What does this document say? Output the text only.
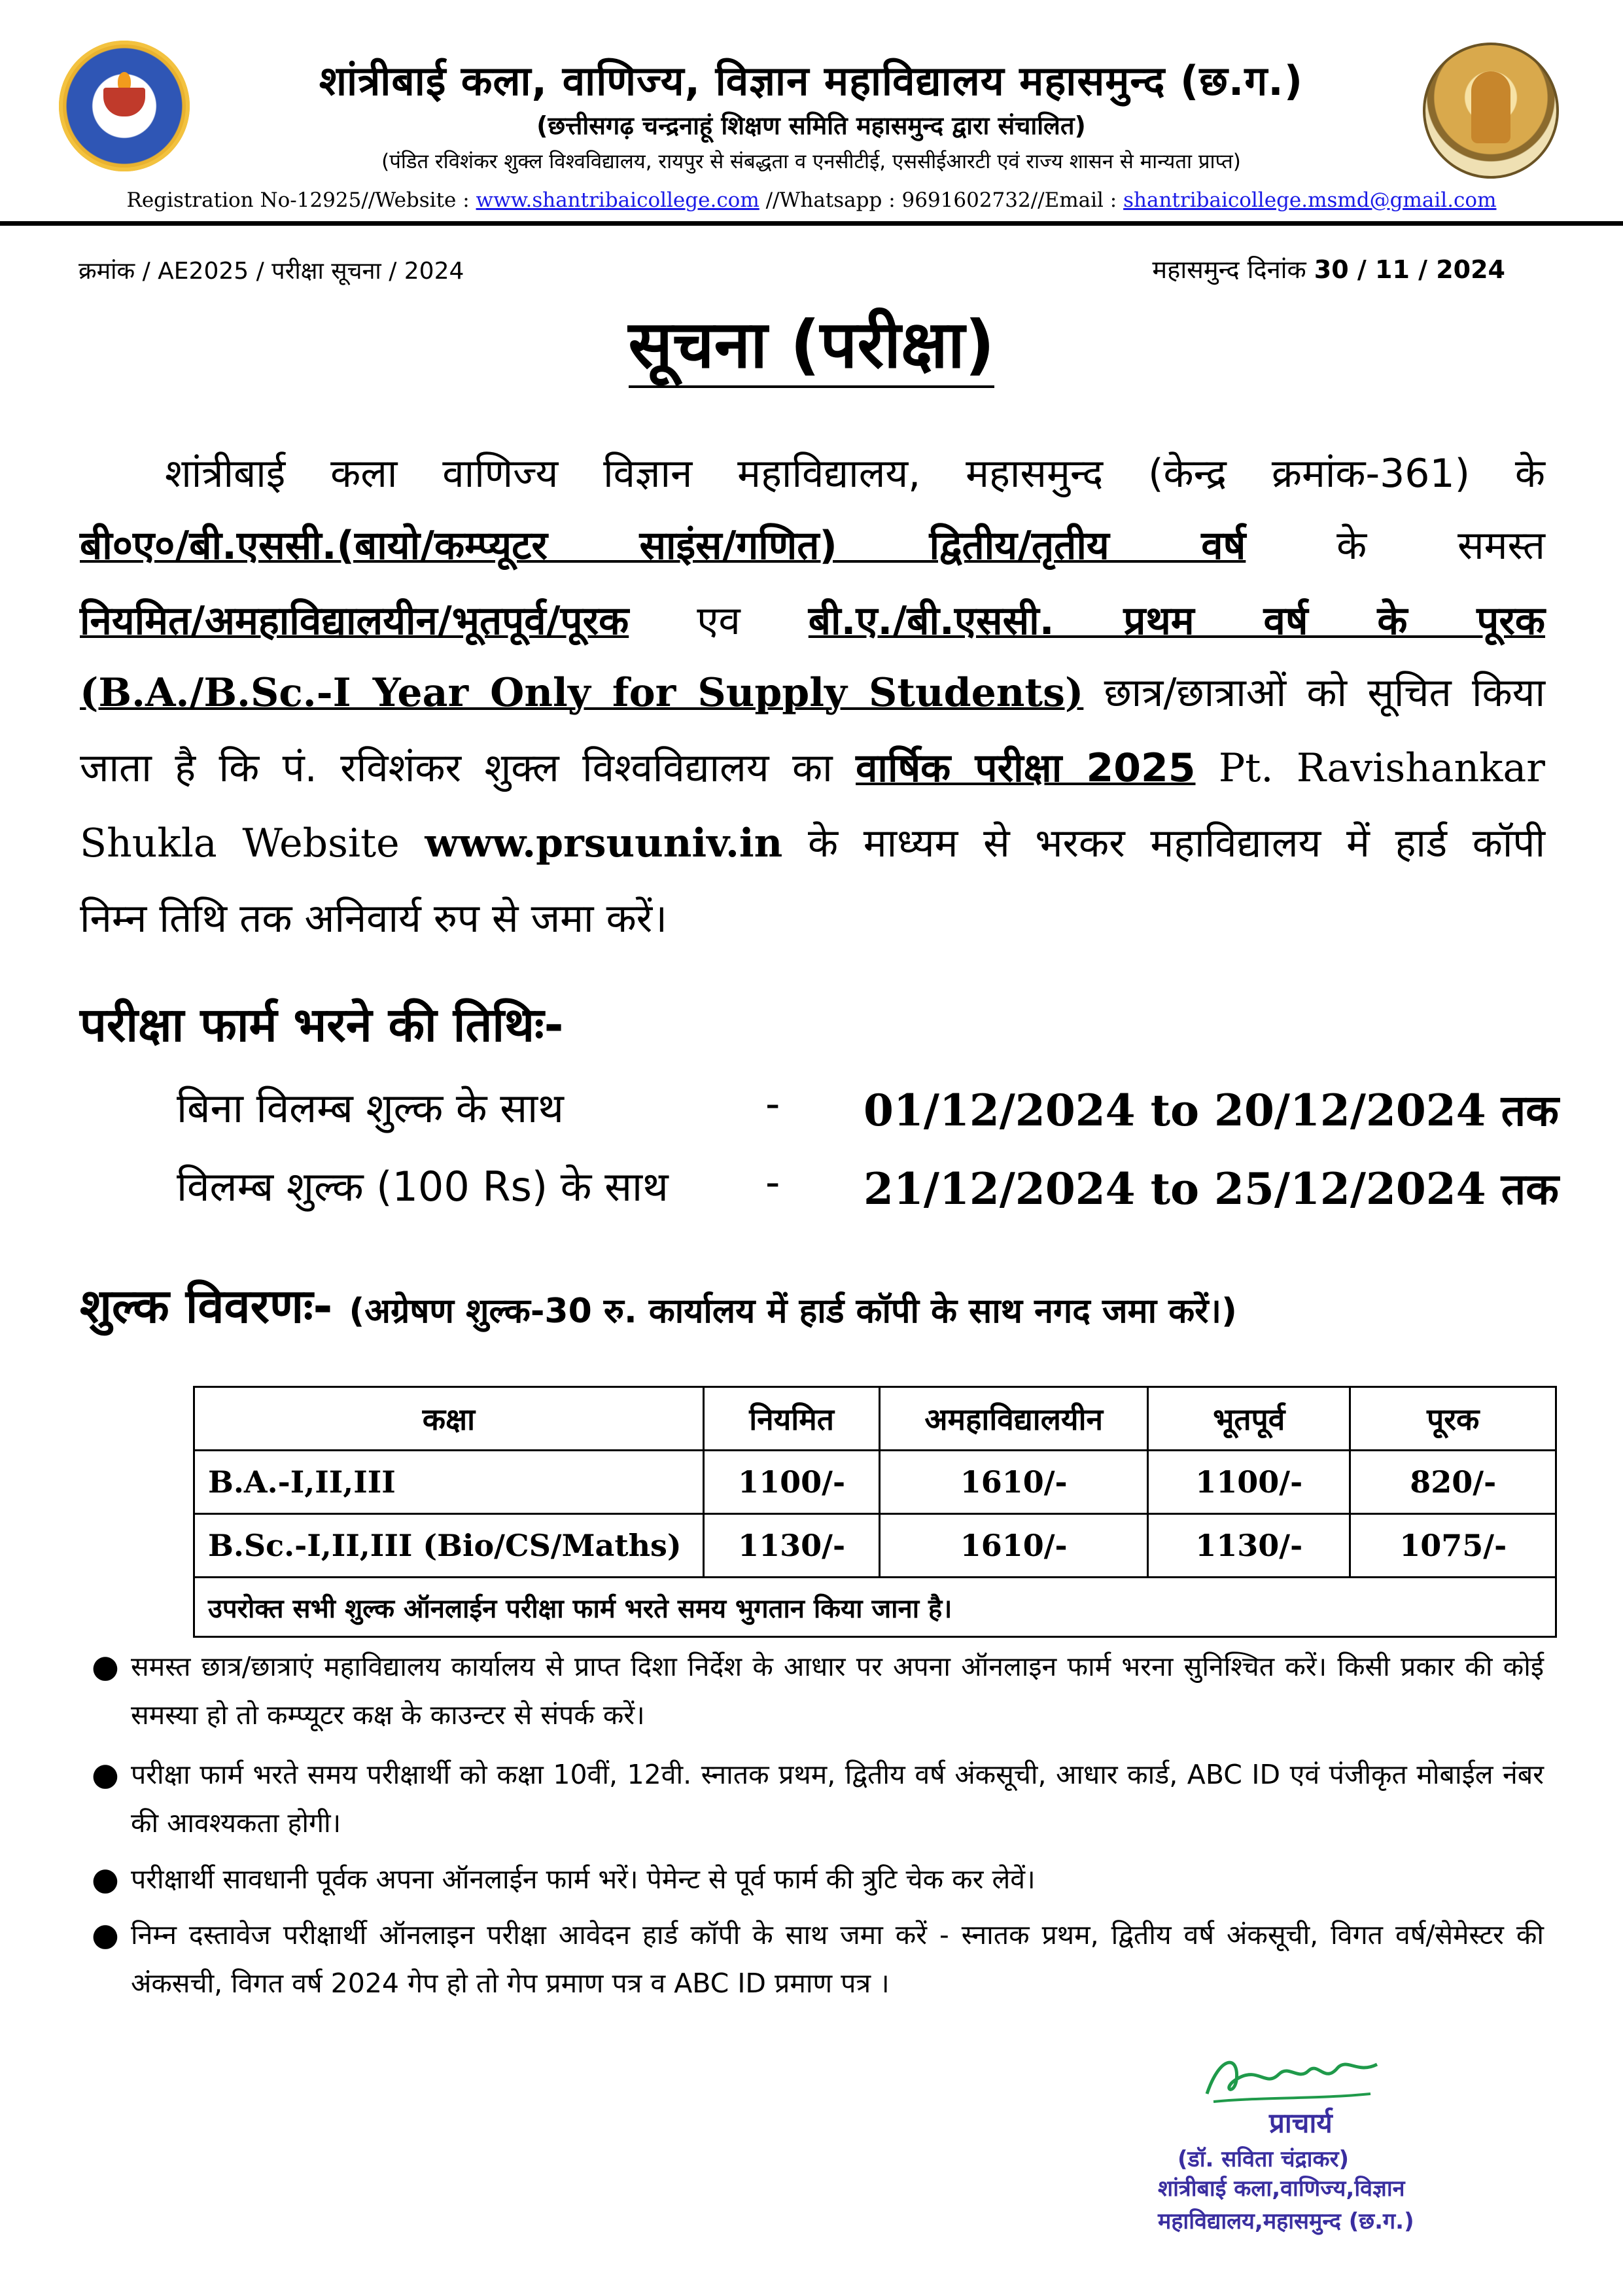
शांत्रीबाई कला, वाणिज्य, विज्ञान महाविद्यालय महासमुन्द (छ.ग.)
(छत्तीसगढ़ चन्द्रनाहूं शिक्षण समिति महासमुन्द द्वारा संचालित)
(पंडित रविशंकर शुक्ल विश्वविद्यालय, रायपुर से संबद्धता व एनसीटीई, एससीईआरटी एवं राज्य शासन से मान्यता प्राप्त)
Registration No-12925//Website : www.shantribaicollege.com //Whatsapp : 9691602732//Email : shantribaicollege.msmd@gmail.com
क्रमांक / AE2025 / परीक्षा सूचना / 2024	महासमुन्द दिनांक 30 / 11 / 2024
सूचना (परीक्षा)
शांत्रीबाई कला वाणिज्य विज्ञान महाविद्यालय, महासमुन्द (केन्द्र क्रमांक-361) के
बी०ए०/बी.एससी.(बायो/कम्प्यूटर साइंस/गणित) द्वितीय/तृतीय वर्ष के समस्त
नियमित/अमहाविद्यालयीन/भूतपूर्व/पूरक एव बी.ए./बी.एससी. प्रथम वर्ष के पूरक
(B.A./B.Sc.-I Year Only for Supply Students) छात्र/छात्राओं को सूचित किया
जाता है कि पं. रविशंकर शुक्ल विश्वविद्यालय का वार्षिक परीक्षा 2025 Pt. Ravishankar
Shukla Website www.prsuuniv.in के माध्यम से भरकर महाविद्यालय में हार्ड कॉपी
निम्न तिथि तक अनिवार्य रुप से जमा करें।
परीक्षा फार्म भरने की तिथिः-
बिना विलम्ब शुल्क के साथ	- 01/12/2024 to 20/12/2024 तक
विलम्ब शुल्क (100 Rs) के साथ - 21/12/2024 to 25/12/2024 तक
शुल्क विवरणः- (अग्रेषण शुल्क-30 रु. कार्यालय में हार्ड कॉपी के साथ नगद जमा करें।)
कक्षा	नियमित	अमहाविद्यालयीन	भूतपूर्व	पूरक
B.A.-I,II,III	1100/-	1610/-	1100/-	820/-
B.Sc.-I,II,III (Bio/CS/Maths)	1130/-	1610/-	1130/-	1075/-
उपरोक्त सभी शुल्क ऑनलाईन परीक्षा फार्म भरते समय भुगतान किया जाना है।				
● समस्त छात्र/छात्राएं महाविद्यालय कार्यालय से प्राप्त दिशा निर्देश के आधार पर अपना ऑनलाइन फार्म भरना सुनिश्चित करें। किसी प्रकार की कोई समस्या हो तो कम्प्यूटर कक्ष के काउन्टर से संपर्क करें।

● परीक्षा फार्म भरते समय परीक्षार्थी को कक्षा 10वीं, 12वी. स्नातक प्रथम, द्वितीय वर्ष अंकसूची, आधार कार्ड, ABC ID एवं पंजीकृत मोबाईल नंबर की आवश्यकता होगी।

● परीक्षार्थी सावधानी पूर्वक अपना ऑनलाईन फार्म भरें। पेमेन्ट से पूर्व फार्म की त्रुटि चेक कर लेवें।

● निम्न दस्तावेज परीक्षार्थी ऑनलाइन परीक्षा आवेदन हार्ड कॉपी के साथ जमा करें - स्नातक प्रथम, द्वितीय वर्ष अंकसूची, विगत वर्ष/सेमेस्टर की अंकसची, विगत वर्ष 2024 गेप हो तो गेप प्रमाण पत्र व ABC ID प्रमाण पत्र ।

प्राचार्य
(डॉ. सविता चंद्राकर)
शांत्रीबाई कला,वाणिज्य,विज्ञान
महाविद्यालय,महासमुन्द (छ.ग.)
